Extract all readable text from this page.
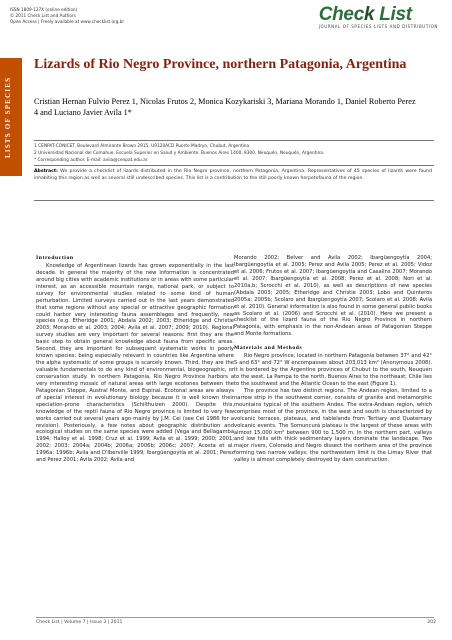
ISSN 1809-127X (online edition)
© 2011 Check List and Authors
Open Access | Freely available at www.checklist.org.br	Check List
JOURNAL OF SPECIES LISTS AND DISTRIBUTION
LISTS OF SPECIES
Lizards of Rio Negro Province, northern Patagonia, Argentina
Cristian Hernan Fulvio Perez 1, Nicolas Frutos 2, Monica Kozykariski 3, Mariana Morando 1, Daniel Roberto Perez 4 and Luciano Javier Avila 1*
1 CENPAT-CONICET. Boulevard Almirante Brown 2915, U9120ACD Puerto Madryn, Chubut, Argentina.
2 Universidad Nacional del Comahue, Escuela Superior en Salud y Ambiente. Buenos Aires 1400, 8300, Neuquén, Neuquén, Argentina.
* Corresponding author. E-mail: avila@cenpat.edu.ar
Abstract: We provide a checklist of lizards distributed in the Rio Negro province, northern Patagonia, Argentina. Representatives of 45 species of lizards were found inhabiting this region as well as several still undescribed species. This list is a contribution to the still poorly known herpetofauna of the region.
Introduction

Knowledge of Argentinean lizards has grown exponentially in the last decade. In general the majority of the new information is concentrated around big cities with academic institutions or in areas with some particular interest, as an accessible mountain range, national park, or subject to survey for environmental studies related to some kind of human perturbation. Limited surveys carried out in the last years demonstrated that some regions without any special or attractive geographic formation could harbor very interesting fauna assemblages and frequently, new species (e.g. Etheridge 2001; Abdala 2002; 2003; Etheridge and Christie 2003; Morando et al. 2003; 2004; Avila et al. 2007; 2009; 2010). Regional survey studies are very important for several reasons: first they are the basic step to obtain general knowledge about fauna from specific areas. Second, they are important for subsequent systematic works in poorly known species; being especially relevant in countries like Argentina where the alpha systematic of some groups is scarcely known. Third, they are the valuable fundamentals to do any kind of environmental, biogeographic, or conservation study. In northern Patagonia, Rio Negro Province harbors a very interesting mosaic of natural areas with large ecotones between the Patagonian Steppe, Austral Monte, and Espinal. Ecotonal areas are always of special interest in evolutionary biology because it is well known their speciation-prone characteristics (Schilthuizen 2000). Despite this, knowledge of the reptil fauna of Rio Negro province is limited to very few works carried out several years ago mainly by J.M. Cei (see Cei 1986 for a revision). Posteriously, a few notes about geographic distribution and ecological studies on the same species were added (Vega and Bellagamba 1994; Halloy et al. 1998; Cruz et al. 1999; Avila et al. 1999; 2000; 2001; 2002; 2003; 2004a; 2004b; 2006a; 2006b; 2006c; 2007; Acosta et al. 1996a; 1996b; Avila and D'Iberville 1999; Ibargüengoytía et al. 2001; Perez and Perez 2001; Avila 2002; Avila and

Morando 2002; Belver and Avila 2002; Ibargüengoytía 2004; Ibargüengoytía et al. 2005; Perez and Avila 2005; Perez et al. 2005; Vidoz et al. 2006; Frutos et al. 2007; Ibargüengoytía and Casalins 2007; Morando et al. 2007; Ibargüengoytía et al. 2008; Perez et al. 2008; Nori et al. 2010a,b; Scrocchi et al. 2010), as well as descriptions of new species (Abdala 2003; 2005; Etheridge and Christie 2003; Lobo and Quinteros 2005a; 2005b; Scolaro and Ibargüengoytía 2007; Scolaro et al. 2008; Avila et al. 2010). General information is also found in some general public books as Scolaro et al. (2006) and Scrocchi et al. (2010). Here we present a checklist of the lizard fauna of the Rio Negro Province in northern Patagonia, with emphasis in the non-Andean areas of Patagonian Steppe and Monte formations.

Materials and Methods

Rio Negro province, located in northern Patagonia between 37° and 42° S and 63° and 72° W encompasses about 203,013 km² (Anonymous 2008). It is bordered by the Argentine provinces of Chubut to the south, Neuquén to the west, La Pampa to the north, Buenos Aires to the northeast; Chile lies to the southwest and the Atlantic Ocean to the east (Figure 1).

The province has two distinct regions. The Andean region, limited to a narrow strip in the southwest corner, consists of granite and metamorphic mountains typical of the southern Andes. The extra-Andean region, which comprises most of the province, in the west and south is characterized by volcanic terraces, plateaus, and tablelands from Tertiary and Quaternary volcanic events. The Somuncurá plateau is the largest of these areas with almost 15,000 km² between 900 to 1,500 m. In the northern part, valleys and low hills with thick sedimentary layers dominate the landscape. Two major rivers, Colorado and Negro dissect the northern area of the province forming two narrow valleys; the northwestern limit is the Limay River that valley is almost completely destroyed by dam construction.

Check List | Volume 7 | Issue 3 | 2011	202
